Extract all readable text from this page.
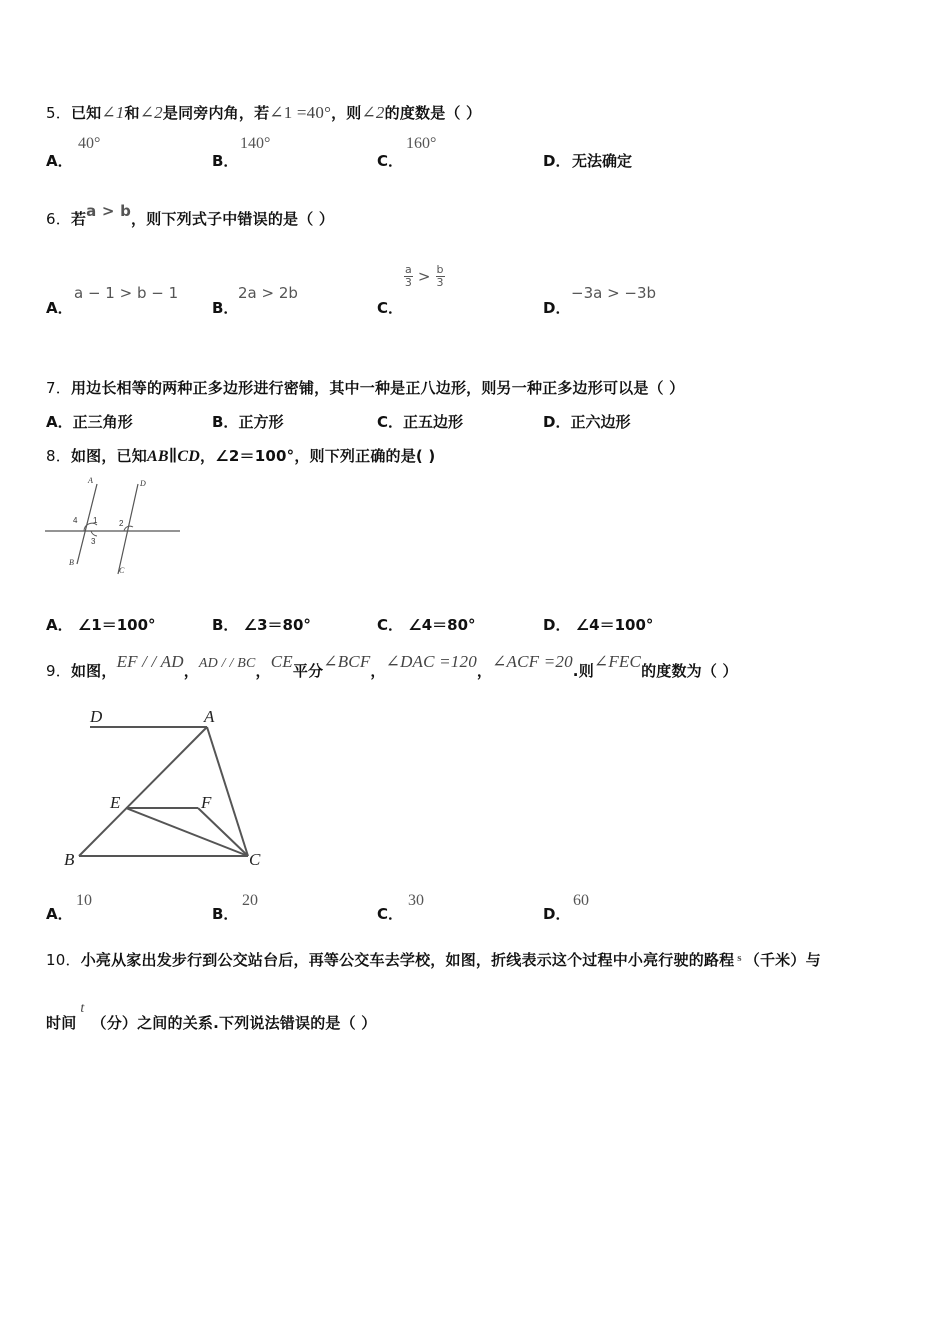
5．已知∠1和∠2是同旁内角，若∠1 =40°，则∠2的度数是（ ）
A．
40°
B．
140°
C．
160°
D． 无法确定
6．若a > b，则下列式子中错误的是（ ）
A．
a − 1 > b − 1
B．
2a > 2b
C．
$\frac{a}{3} > \frac{b}{3}$
D．
−3a > −3b
7．用边长相等的两种正多边形进行密铺，其中一种是正八边形，则另一种正多边形可以是（ ）
A．正三角形	B．正方形	C．正五边形	D．正六边形
8．如图，已知AB∥CD，∠2＝100°，则下列正确的是( )
A
B
D
C
1	2
3
4
A． ∠1＝100°	B． ∠3＝80°	C． ∠4＝80°	D． ∠4＝100°
9．如图，EF / / AD，AD / / BC，CE平分∠BCF，∠DAC =120，∠ACF =20.则∠FEC的度数为（ ）
D	A
E	F
B	C
A．
10
B．
20
C．
30
D．
60
10．小亮从家出发步行到公交站台后，再等公交车去学校，如图，折线表示这个过程中小亮行驶的路程 $^s$ （千米）与
时间t（分）之间的关系.下列说法错误的是（ ）
